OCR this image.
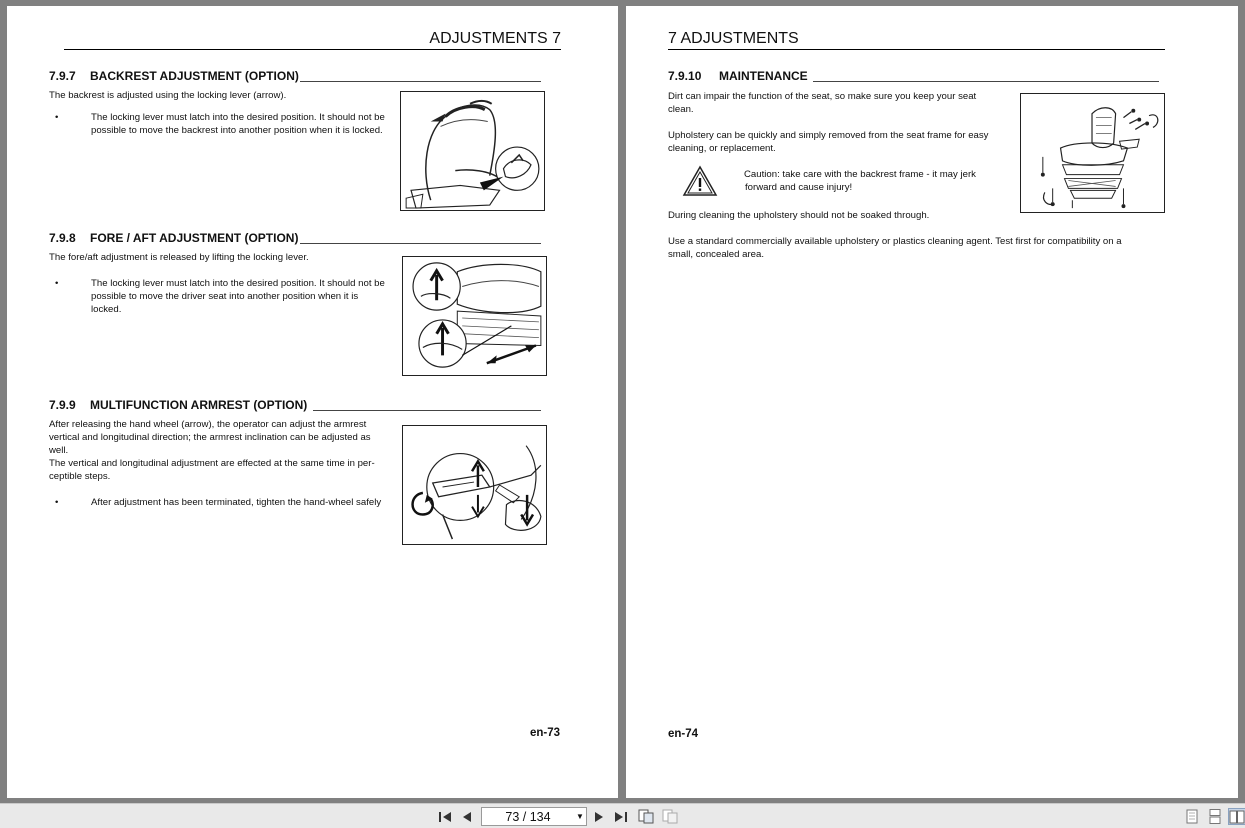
ADJUSTMENTS 7
7.9.7 BACKREST ADJUSTMENT (OPTION)
The backrest is adjusted using the locking lever (arrow).
•	The locking lever must latch into the desired position. It should not be
possible to move the backrest into another position when it is locked.
7.9.8 FORE / AFT ADJUSTMENT (OPTION)
The fore/aft adjustment is released by lifting the locking lever.
•	The locking lever must latch into the desired position. It should not be
possible to move the driver seat into another position when it is
locked.
7.9.9 MULTIFUNCTION ARMREST (OPTION)
After releasing the hand wheel (arrow), the operator can adjust the armrest
vertical and longitudinal direction; the armrest inclination can be adjusted as
well.
The vertical and longitudinal adjustment are effected at the same time in per-
ceptible steps.
•	After adjustment has been terminated, tighten the hand-wheel safely
en-73
7 ADJUSTMENTS
7.9.10 MAINTENANCE
Dirt can impair the function of the seat, so make sure you keep your seat
clean.
Upholstery can be quickly and simply removed from the seat frame for easy
cleaning, or replacement.
Caution: take care with the backrest frame - it may jerk
forward and cause injury!
During cleaning the upholstery should not be soaked through.
Use a standard commercially available upholstery or plastics cleaning agent. Test first for compatibility on a
small, concealed area.
en-74
73 / 134	▼
